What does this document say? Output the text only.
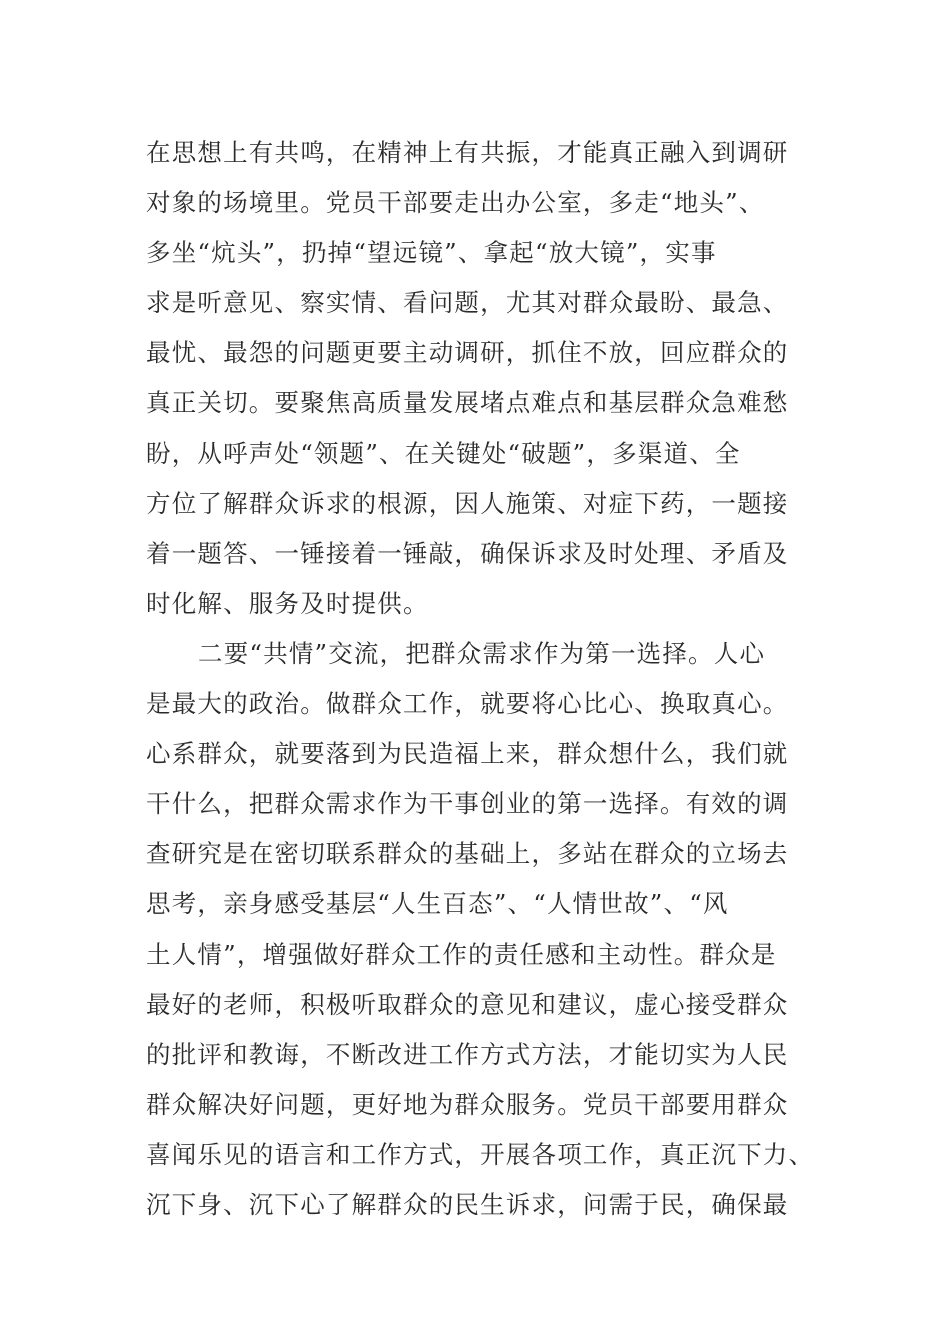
在思想上有共鸣，在精神上有共振，才能真正融入到调研
对象的场境里。党员干部要走出办公室，多走“地头”、
多坐“炕头”，扔掉“望远镜”、拿起“放大镜”，实事
求是听意见、察实情、看问题，尤其对群众最盼、最急、
最忧、最怨的问题更要主动调研，抓住不放，回应群众的
真正关切。要聚焦高质量发展堵点难点和基层群众急难愁
盼，从呼声处“领题”、在关键处“破题”，多渠道、全
方位了解群众诉求的根源，因人施策、对症下药，一题接
着一题答、一锤接着一锤敲，确保诉求及时处理、矛盾及
时化解、服务及时提供。
二要“共情”交流，把群众需求作为第一选择。人心
是最大的政治。做群众工作，就要将心比心、换取真心。
心系群众，就要落到为民造福上来，群众想什么，我们就
干什么，把群众需求作为干事创业的第一选择。有效的调
查研究是在密切联系群众的基础上，多站在群众的立场去
思考，亲身感受基层“人生百态”、“人情世故”、“风
土人情”，增强做好群众工作的责任感和主动性。群众是
最好的老师，积极听取群众的意见和建议，虚心接受群众
的批评和教诲，不断改进工作方式方法，才能切实为人民
群众解决好问题，更好地为群众服务。党员干部要用群众
喜闻乐见的语言和工作方式，开展各项工作，真正沉下力、
沉下身、沉下心了解群众的民生诉求，问需于民，确保最
